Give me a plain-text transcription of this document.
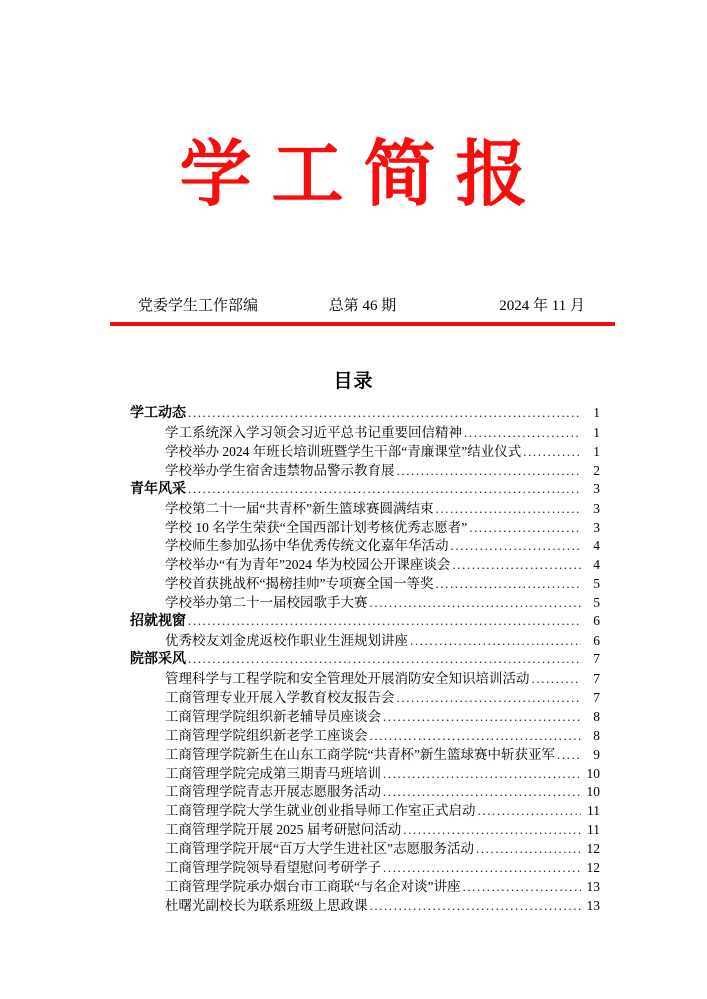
学工简报
党委学生工作部编	总第 46 期	2024 年 11 月
目录
学工动态 .....	1
学工系统深入学习领会习近平总书记重要回信精神 .....	1
学校举办 2024 年班长培训班暨学生干部“青廉课堂”结业仪式 .....	1
学校举办学生宿舍违禁物品警示教育展 .....	2
青年风采 .....	3
学校第二十一届“共青杯”新生篮球赛圆满结束 .....	3
学校 10 名学生荣获“全国西部计划考核优秀志愿者” .....	3
学校师生参加弘扬中华优秀传统文化嘉年华活动 .....	4
学校举办“有为青年”2024 华为校园公开课座谈会 .....	4
学校首获挑战杯“揭榜挂帅”专项赛全国一等奖 .....	5
学校举办第二十一届校园歌手大赛 .....	5
招就视窗 .....	6
优秀校友刘金虎返校作职业生涯规划讲座 .....	6
院部采风 .....	7
管理科学与工程学院和安全管理处开展消防安全知识培训活动 .....	7
工商管理专业开展入学教育校友报告会 .....	7
工商管理学院组织新老辅导员座谈会 .....	8
工商管理学院组织新老学工座谈会 .....	8
工商管理学院新生在山东工商学院“共青杯”新生篮球赛中斩获亚军 .....	9
工商管理学院完成第三期青马班培训 .....	10
工商管理学院青志开展志愿服务活动 .....	10
工商管理学院大学生就业创业指导师工作室正式启动 .....	11
工商管理学院开展 2025 届考研慰问活动 .....	11
工商管理学院开展“百万大学生进社区”志愿服务活动 .....	12
工商管理学院领导看望慰问考研学子 .....	12
工商管理学院承办烟台市工商联“与名企对谈”讲座 .....	13
杜曙光副校长为联系班级上思政课 .....	13
